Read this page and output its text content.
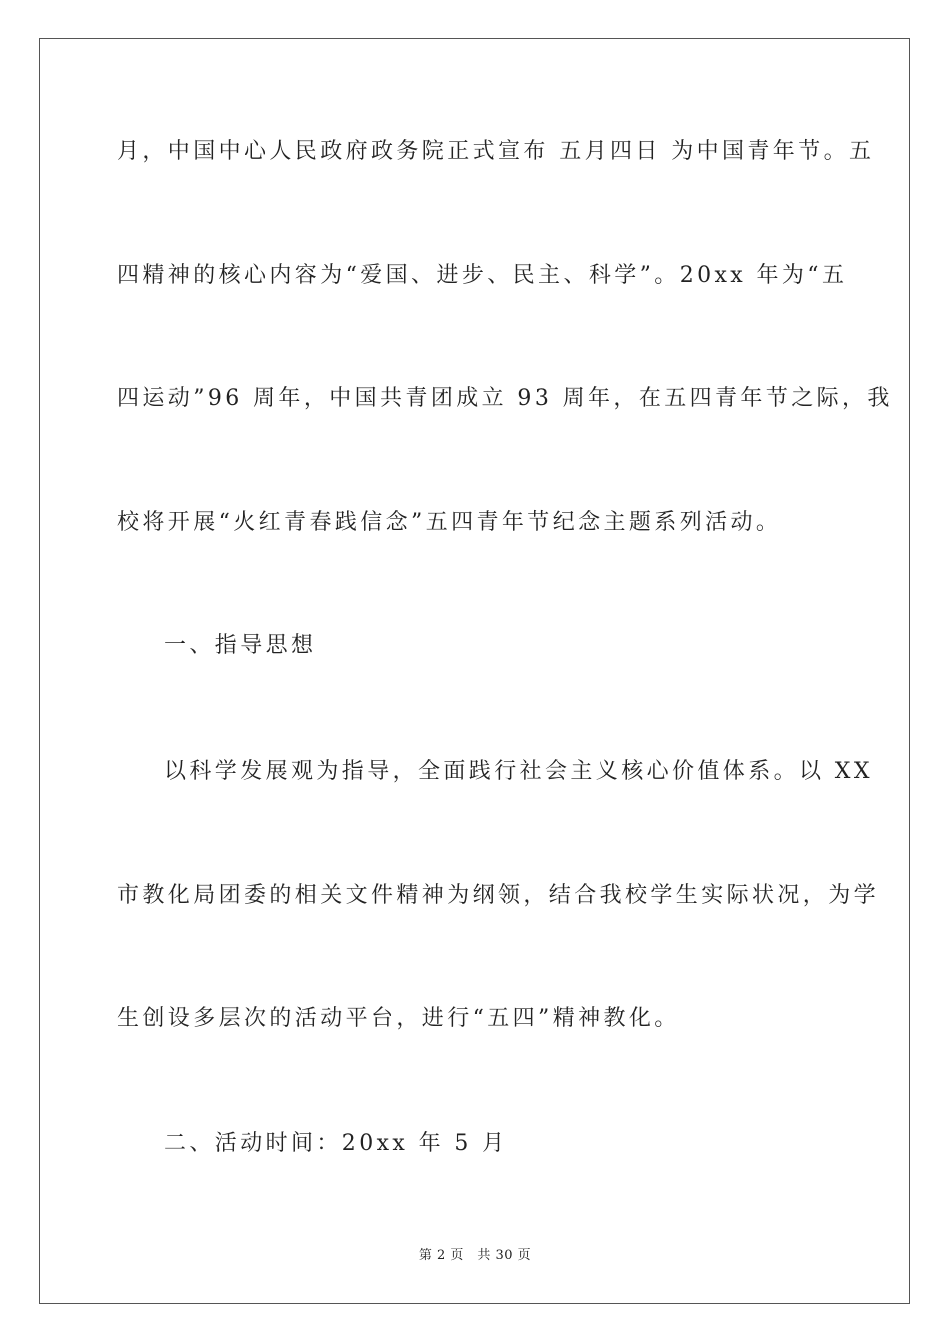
月，中国中心人民政府政务院正式宣布 五月四日 为中国青年节。五
四精神的核心内容为“爱国、进步、民主、科学”。20xx 年为“五
四运动”96 周年，中国共青团成立 93 周年，在五四青年节之际，我
校将开展“火红青春践信念”五四青年节纪念主题系列活动。
一、指导思想
以科学发展观为指导，全面践行社会主义核心价值体系。以 XX
市教化局团委的相关文件精神为纲领，结合我校学生实际状况，为学
生创设多层次的活动平台，进行“五四”精神教化。
二、活动时间：20xx 年 5 月
第 2 页　共 30 页
